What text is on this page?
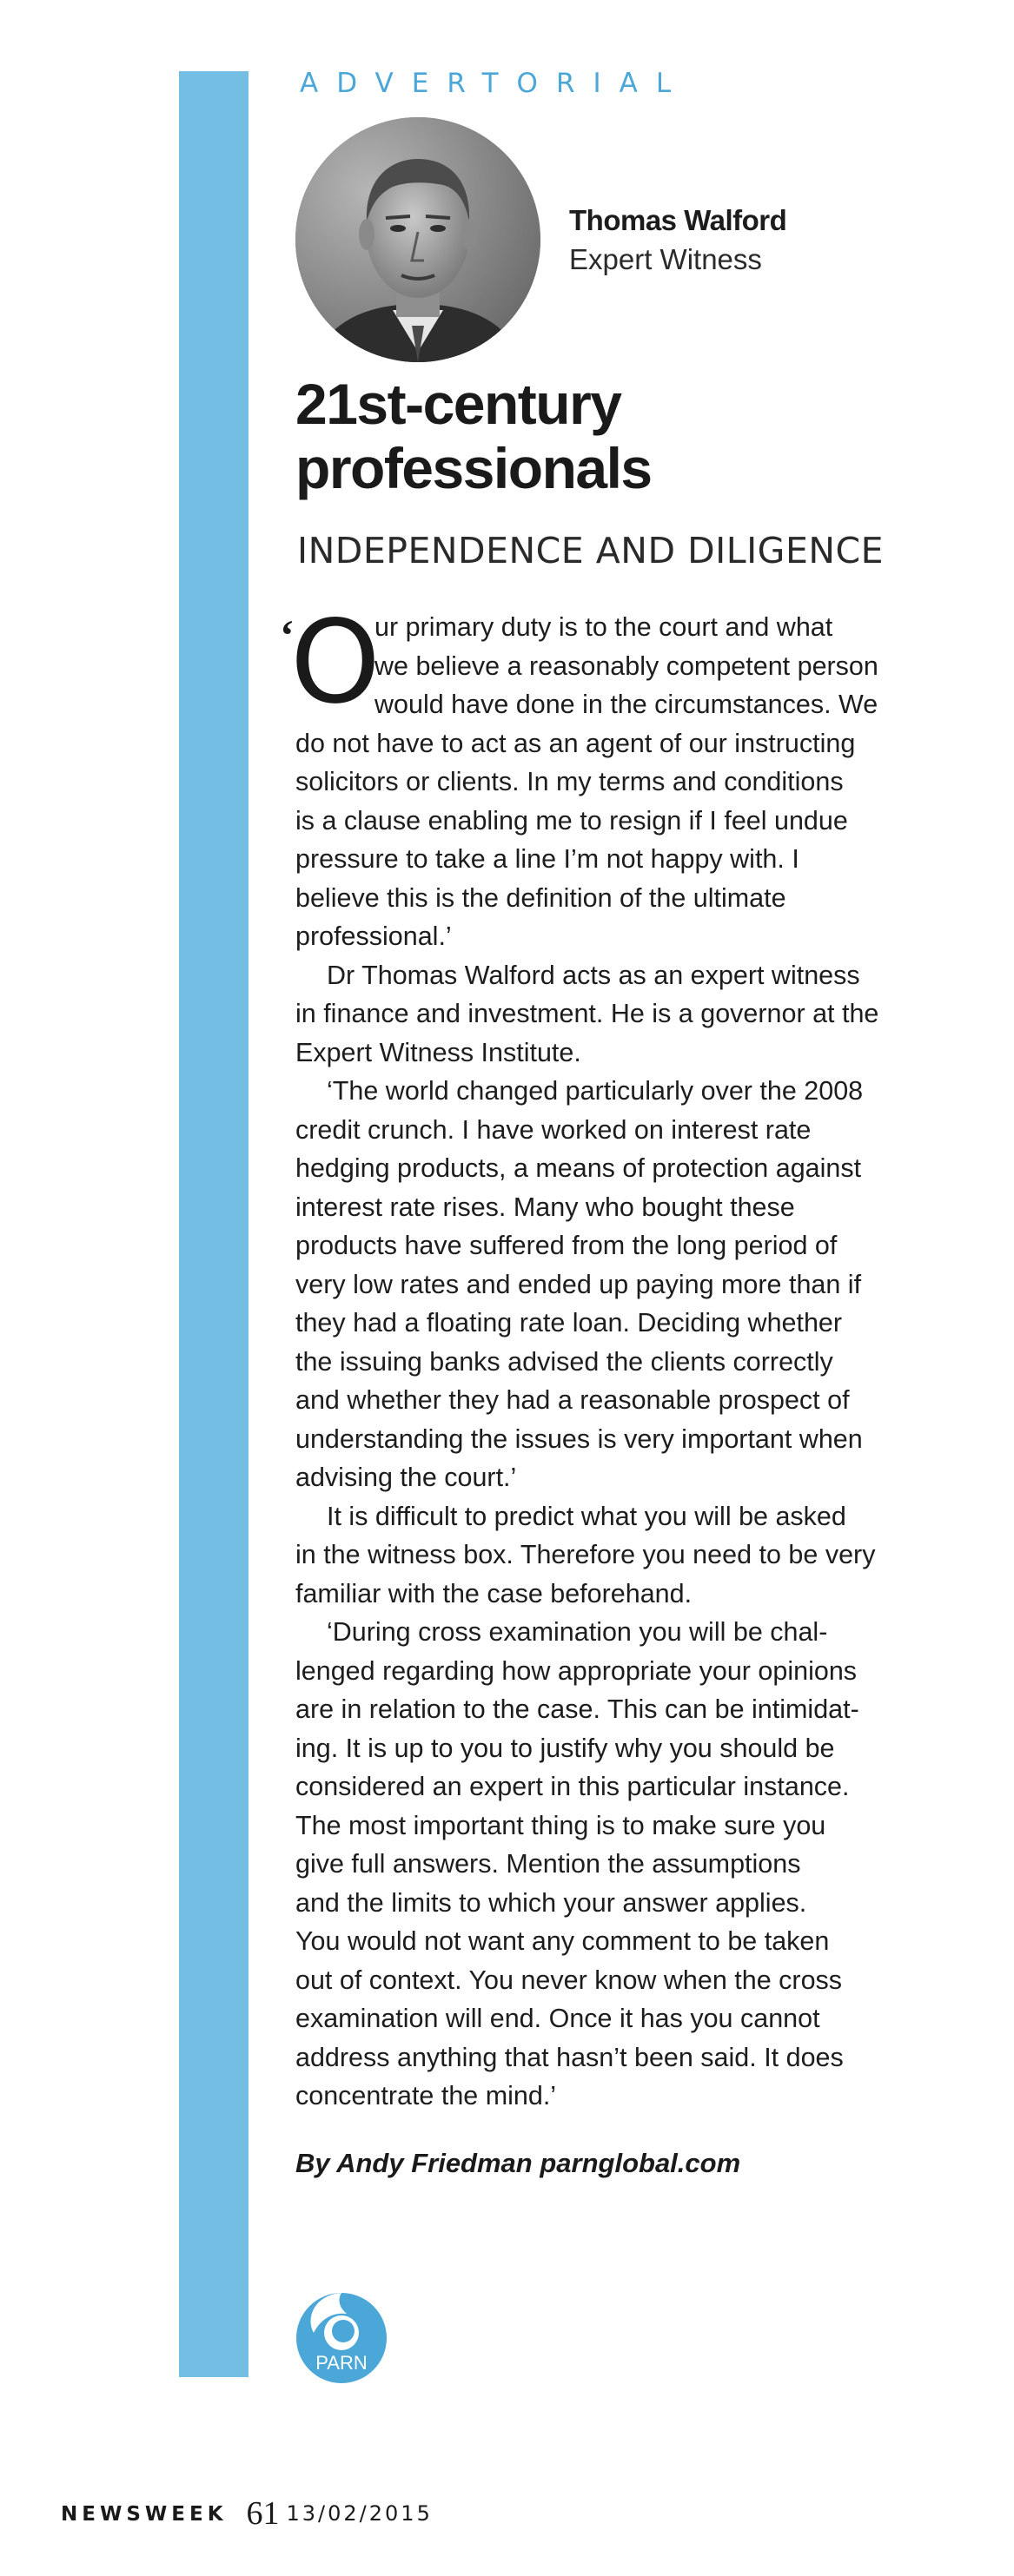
ADVERTORIAL
Thomas Walford
Expert Witness
21st-century
professionals
INDEPENDENCE AND DILIGENCE
‘
O
ur primary duty is to the court and what
we believe a reasonably competent person
would have done in the circumstances. We
do not have to act as an agent of our instructing
solicitors or clients. In my terms and conditions
is a clause enabling me to resign if I feel undue
pressure to take a line I’m not happy with. I
believe this is the definition of the ultimate
professional.’
Dr Thomas Walford acts as an expert witness
in finance and investment. He is a governor at the
Expert Witness Institute.
‘The world changed particularly over the 2008
credit crunch. I have worked on interest rate
hedging products, a means of protection against
interest rate rises. Many who bought these
products have suffered from the long period of
very low rates and ended up paying more than if
they had a floating rate loan. Deciding whether
the issuing banks advised the clients correctly
and whether they had a reasonable prospect of
understanding the issues is very important when
advising the court.’
It is difficult to predict what you will be asked
in the witness box. Therefore you need to be very
familiar with the case beforehand.
‘During cross examination you will be chal-
lenged regarding how appropriate your opinions
are in relation to the case. This can be intimidat-
ing. It is up to you to justify why you should be
considered an expert in this particular instance.
The most important thing is to make sure you
give full answers. Mention the assumptions
and the limits to which your answer applies.
You would not want any comment to be taken
out of context. You never know when the cross
examination will end. Once it has you cannot
address anything that hasn’t been said. It does
concentrate the mind.’
By Andy Friedman parnglobal.com
PARN
NEWSWEEK 61 13/02/2015
